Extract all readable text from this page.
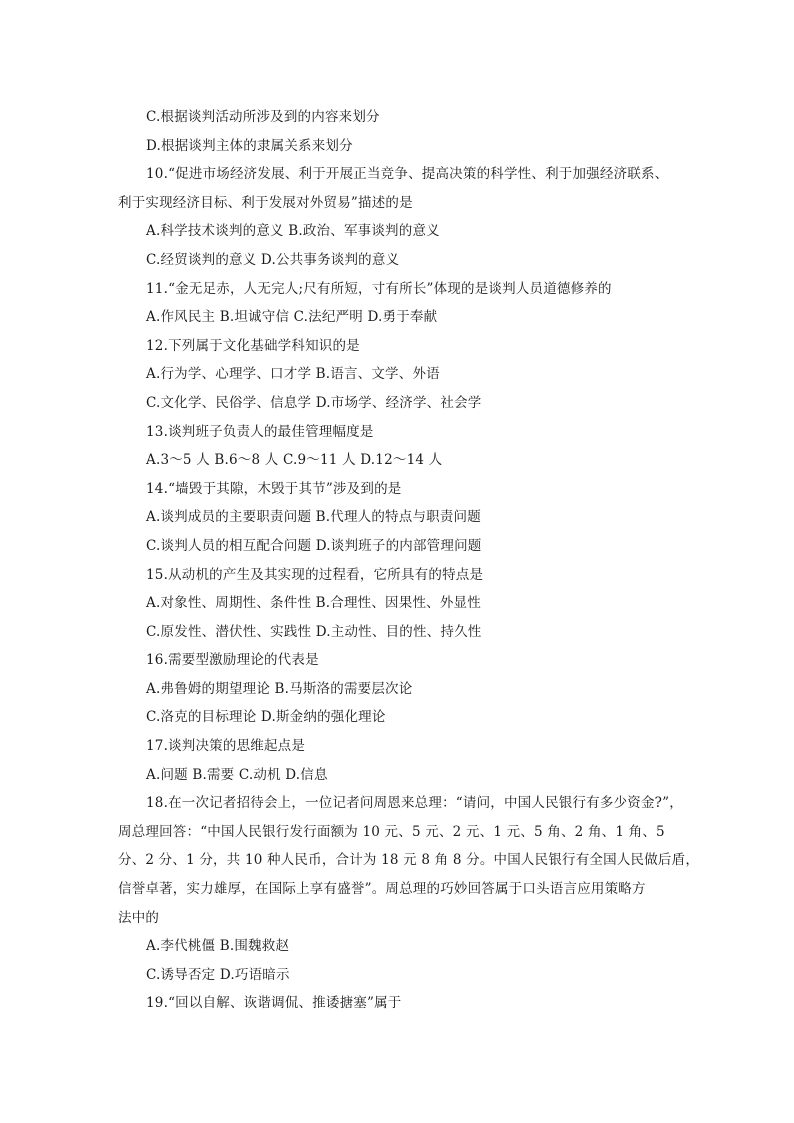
C.根据谈判活动所涉及到的内容来划分
D.根据谈判主体的隶属关系来划分
10.“促进市场经济发展、利于开展正当竞争、提高决策的科学性、利于加强经济联系、
利于实现经济目标、利于发展对外贸易”描述的是
A.科学技术谈判的意义 B.政治、军事谈判的意义
C.经贸谈判的意义 D.公共事务谈判的意义
11.“金无足赤，人无完人;尺有所短，寸有所长”体现的是谈判人员道德修养的
A.作风民主 B.坦诚守信 C.法纪严明 D.勇于奉献
12.下列属于文化基础学科知识的是
A.行为学、心理学、口才学 B.语言、文学、外语
C.文化学、民俗学、信息学 D.市场学、经济学、社会学
13.谈判班子负责人的最佳管理幅度是
A.3～5 人 B.6～8 人 C.9～11 人 D.12～14 人
14.“墙毁于其隙，木毁于其节”涉及到的是
A.谈判成员的主要职责问题 B.代理人的特点与职责问题
C.谈判人员的相互配合问题 D.谈判班子的内部管理问题
15.从动机的产生及其实现的过程看，它所具有的特点是
A.对象性、周期性、条件性 B.合理性、因果性、外显性
C.原发性、潜伏性、实践性 D.主动性、目的性、持久性
16.需要型激励理论的代表是
A.弗鲁姆的期望理论 B.马斯洛的需要层次论
C.洛克的目标理论 D.斯金纳的强化理论
17.谈判决策的思维起点是
A.问题 B.需要 C.动机 D.信息
18.在一次记者招待会上，一位记者问周恩来总理：“请问，中国人民银行有多少资金?”，
周总理回答：“中国人民银行发行面额为 10 元、5 元、2 元、1 元、5 角、2 角、1 角、5
分、2 分、1 分，共 10 种人民币，合计为 18 元 8 角 8 分。中国人民银行有全国人民做后盾，
信誉卓著，实力雄厚，在国际上享有盛誉”。周总理的巧妙回答属于口头语言应用策略方
法中的
A.李代桃僵 B.围魏救赵
C.诱导否定 D.巧语暗示
19.“回以自解、诙谐调侃、推诿搪塞”属于
